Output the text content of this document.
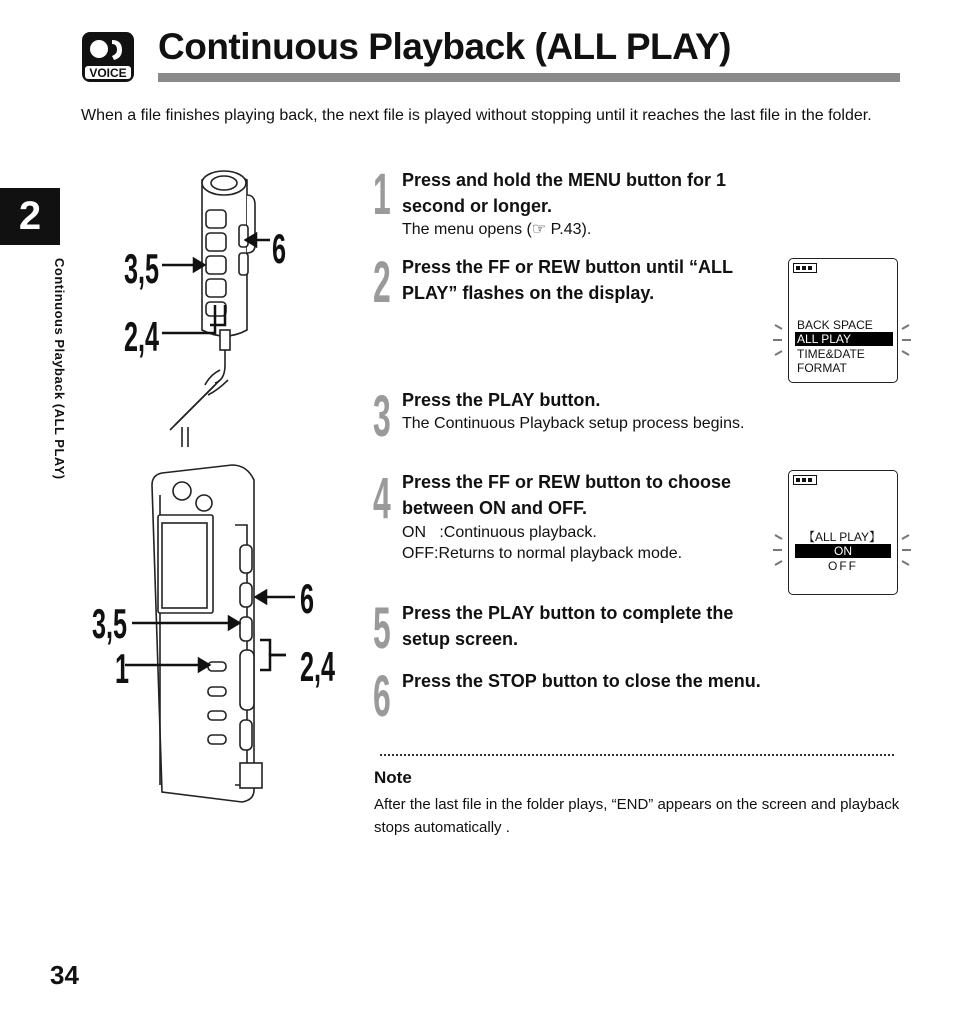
VOICE
Continuous Playback (ALL PLAY)
When a file finishes playing back, the next file is played without stopping until it reaches the last file in the folder.
2
Continuous Playback (ALL PLAY) 3,5
2,4
6
3,5
1
6
2,4
1 Press and hold the MENU button for 1 second or longer.
The menu opens (☞ P.43).
2 Press the FF or REW button until “ALL PLAY” flashes on the display.
3 Press the PLAY button.
The Continuous Playback setup process begins.
4 Press the FF or REW button to choose between ON and OFF.
ON   :Continuous playback.
OFF:Returns to normal playback mode.
5 Press the PLAY button to complete the setup screen.
6 Press the STOP button to close the menu.
BACK SPACE
ALL PLAY
TIME&DATE
FORMAT
【ALL PLAY】
ON
OFF
Note
After the last file in the folder plays, “END” appears on the screen and playback stops automatically .
34
